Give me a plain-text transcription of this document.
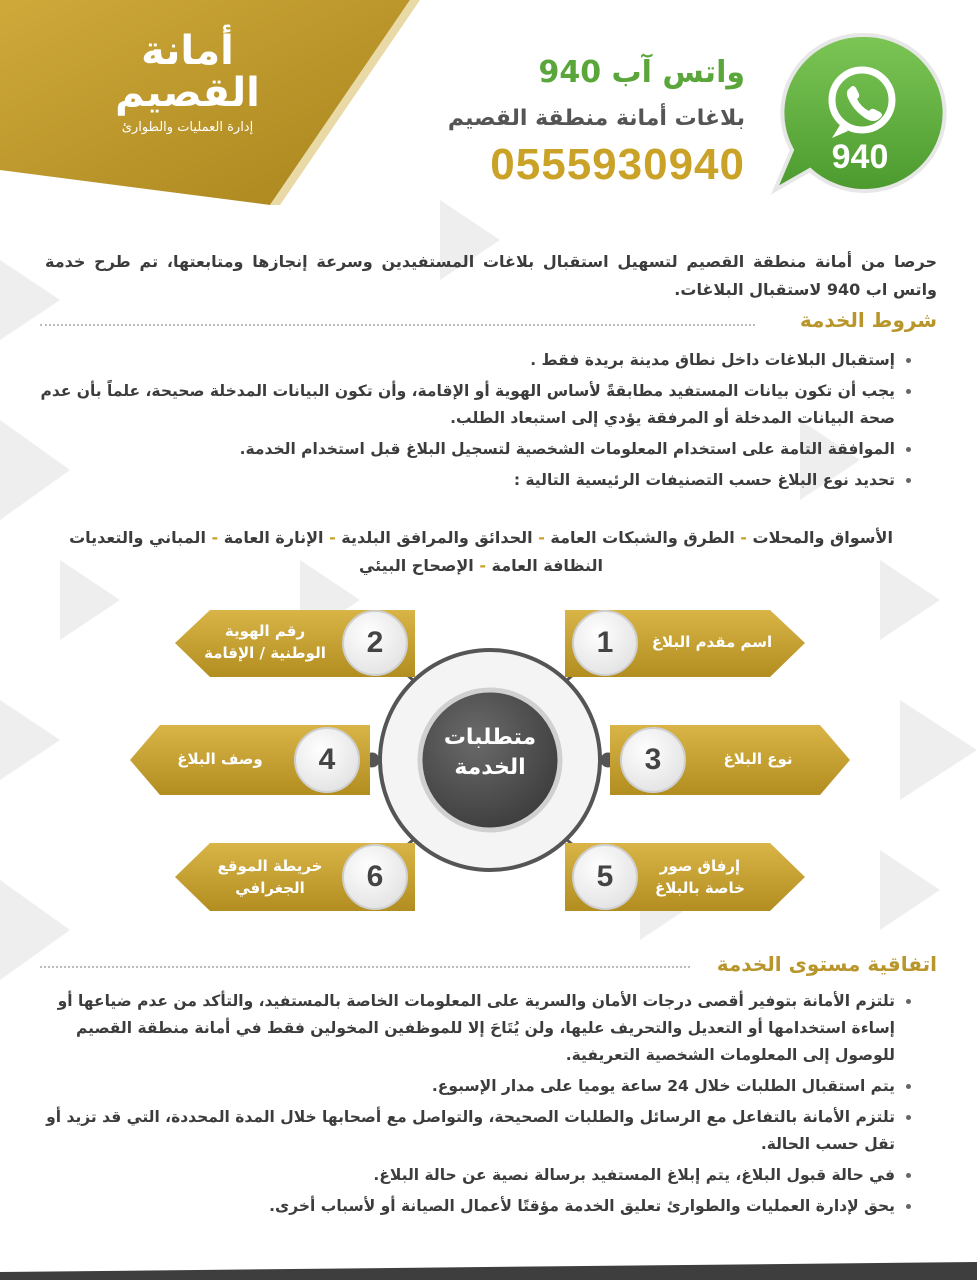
أمانة القصيم
إدارة العمليات والطوارئ
940
واتس آب 940
بلاغات أمانة منطقة القصيم
0555930940

حرصا من أمانة منطقة القصيم لتسهيل استقبال بلاغات المستفيدين وسرعة إنجازها ومتابعتها، تم طرح خدمة واتس اب 940 لاستقبال البلاغات.

شروط الخدمة
• إستقبال البلاغات داخل نطاق مدينة بريدة فقط .
• يجب أن تكون بيانات المستفيد مطابقةً لأساس الهوية أو الإقامة، وأن تكون البيانات المدخلة صحيحة، علماً بأن عدم صحة البيانات المدخلة أو المرفقة يؤدي إلى استبعاد الطلب.
• الموافقة التامة على استخدام المعلومات الشخصية لتسجيل البلاغ قبل استخدام الخدمة.
• تحديد نوع البلاغ حسب التصنيفات الرئيسية التالية :
الأسواق والمحلات - الطرق والشبكات العامة - الحدائق والمرافق البلدية - الإنارة العامة - المباني والتعديات
النظافة العامة - الإصحاح البيئي
متطلبات الخدمة
1
2
3
4
5
6
اسم مقدم البلاغ
رقم الهوية الوطنية / الإقامة
نوع البلاغ
وصف البلاغ
إرفاق صور خاصة بالبلاغ
خريطة الموقع الجغرافي
اتفاقية مستوى الخدمة
• تلتزم الأمانة بتوفير أقصى درجات الأمان والسرية على المعلومات الخاصة بالمستفيد، والتأكد من عدم ضياعها أو إساءة استخدامها أو التعديل والتحريف عليها، ولن يُتَاحَ إلا للموظفين المخولين فقط في أمانة منطقة القصيم للوصول إلى المعلومات الشخصية التعريفية.
• يتم استقبال الطلبات خلال 24 ساعة يوميا على مدار الإسبوع.
• تلتزم الأمانة بالتفاعل مع الرسائل والطلبات الصحيحة، والتواصل مع أصحابها خلال المدة المحددة، التي قد تزيد أو تقل حسب الحالة.
• في حالة قبول البلاغ، يتم إبلاغ المستفيد برسالة نصية عن حالة البلاغ.
• يحق لإدارة العمليات والطوارئ تعليق الخدمة مؤقتًا لأعمال الصيانة أو لأسباب أخرى.
